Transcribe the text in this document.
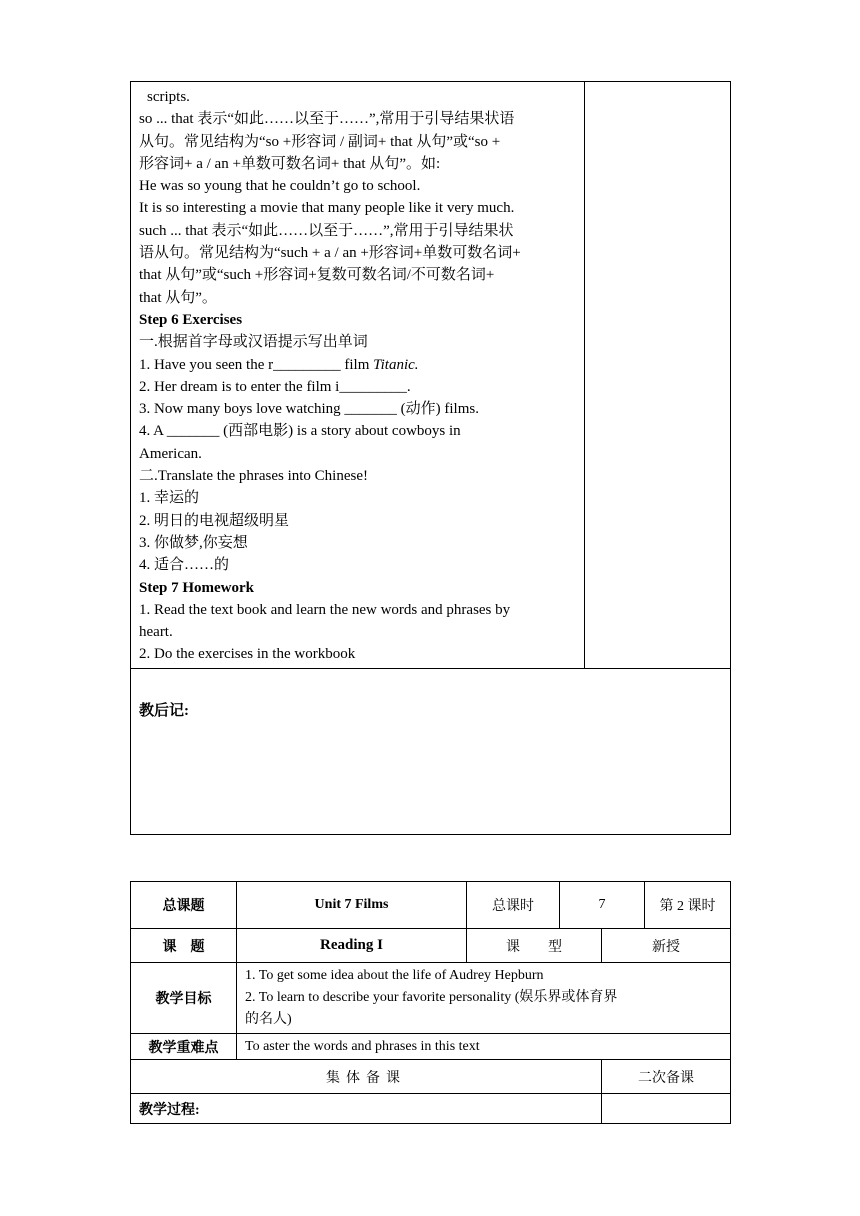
scripts.

so ... that 表示“如此……以至于……”,常用于引导结果状语

从句。常见结构为“so +形容词 / 副词+ that 从句”或“so +

形容词+ a / an +单数可数名词+ that 从句”。如:

He was so young that he couldn’t go to school.

It is so interesting a movie that many people like it very much.

such ... that 表示“如此……以至于……”,常用于引导结果状

语从句。常见结构为“such + a / an +形容词+单数可数名词+

that 从句”或“such +形容词+复数可数名词/不可数名词+

that 从句”。

Step 6 Exercises

一.根据首字母或汉语提示写出单词

1. Have you seen the r_________ film Titanic.

2. Her dream is to enter the film i_________.

3. Now many boys love watching _______ (动作) films.

4. A _______ (西部电影) is a story about cowboys in

American.

二.Translate the phrases into Chinese!

1. 幸运的

2. 明日的电视超级明星

3. 你做梦,你妄想

4. 适合……的

Step 7 Homework

1. Read the text book and learn the new words and phrases by

heart.

2. Do the exercises in the workbook

教后记:
总课题	Unit 7 Films	总课时	7		第 2 课时
课　题	Reading I	课　　型		新授	
教学目标	1. To get some idea about the life of Audrey Hepburn

2. To learn to describe your favorite personality (娱乐界或体育界

的名人)				

教学重难点	To aster the words and phrases in this text				
集体备课				二次备课	
教学过程:					
